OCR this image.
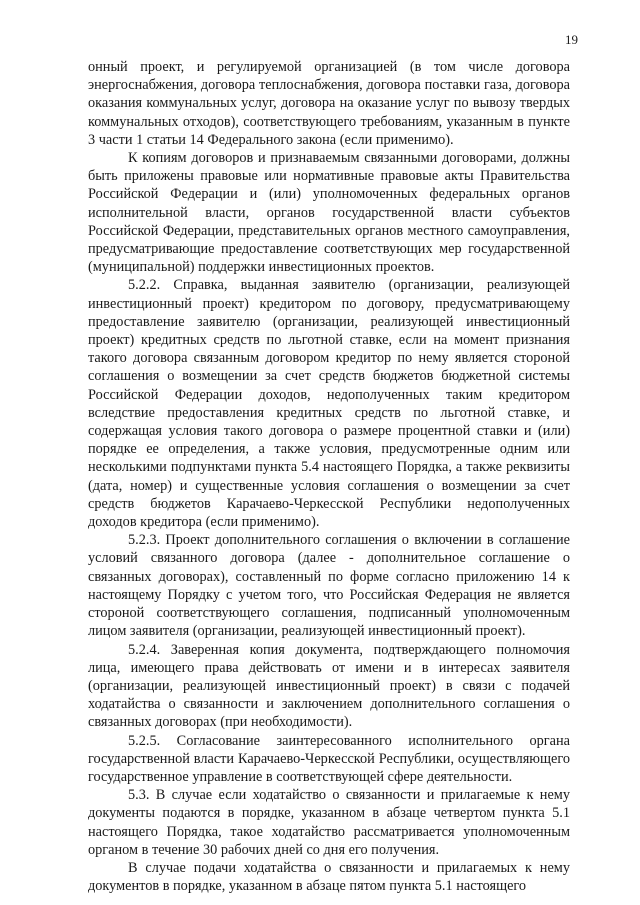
19

онный проект, и регулируемой организацией (в том числе договора энергоснабжения, договора теплоснабжения, договора поставки газа, договора оказания коммунальных услуг, договора на оказание услуг по вывозу твердых коммунальных отходов), соответствующего требованиям, указанным в пункте 3 части 1 статьи 14 Федерального закона (если применимо).

К копиям договоров и признаваемым связанными договорами, должны быть приложены правовые или нормативные правовые акты Правительства Российской Федерации и (или) уполномоченных федеральных органов исполнительной власти, органов государственной власти субъектов Российской Федерации, представительных органов местного самоуправления, предусматривающие предоставление соответствующих мер государственной (муниципальной) поддержки инвестиционных проектов.

5.2.2. Справка, выданная заявителю (организации, реализующей инвестиционный проект) кредитором по договору, предусматривающему предоставление заявителю (организации, реализующей инвестиционный проект) кредитных средств по льготной ставке, если на момент признания такого договора связанным договором кредитор по нему является стороной соглашения о возмещении за счет средств бюджетов бюджетной системы Российской Федерации доходов, недополученных таким кредитором вследствие предоставления кредитных средств по льготной ставке, и содержащая условия такого договора о размере процентной ставки и (или) порядке ее определения, а также условия, предусмотренные одним или несколькими подпунктами пункта 5.4 настоящего Порядка, а также реквизиты (дата, номер) и существенные условия соглашения о возмещении за счет средств бюджетов Карачаево-Черкесской Республики недополученных доходов кредитора (если применимо).

5.2.3. Проект дополнительного соглашения о включении в соглашение условий связанного договора (далее - дополнительное соглашение о связанных договорах), составленный по форме согласно приложению 14 к настоящему Порядку с учетом того, что Российская Федерация не является стороной соответствующего соглашения, подписанный уполномоченным лицом заявителя (организации, реализующей инвестиционный проект).

5.2.4. Заверенная копия документа, подтверждающего полномочия лица, имеющего права действовать от имени и в интересах заявителя (организации, реализующей инвестиционный проект) в связи с подачей ходатайства о связанности и заключением дополнительного соглашения о связанных договорах (при необходимости).

5.2.5. Согласование заинтересованного исполнительного органа государственной власти Карачаево-Черкесской Республики, осуществляющего государственное управление в соответствующей сфере деятельности.

5.3. В случае если ходатайство о связанности и прилагаемые к нему документы подаются в порядке, указанном в абзаце четвертом пункта 5.1 настоящего Порядка, такое ходатайство рассматривается уполномоченным органом в течение 30 рабочих дней со дня его получения.

В случае подачи ходатайства о связанности и прилагаемых к нему документов в порядке, указанном в абзаце пятом пункта 5.1 настоящего
